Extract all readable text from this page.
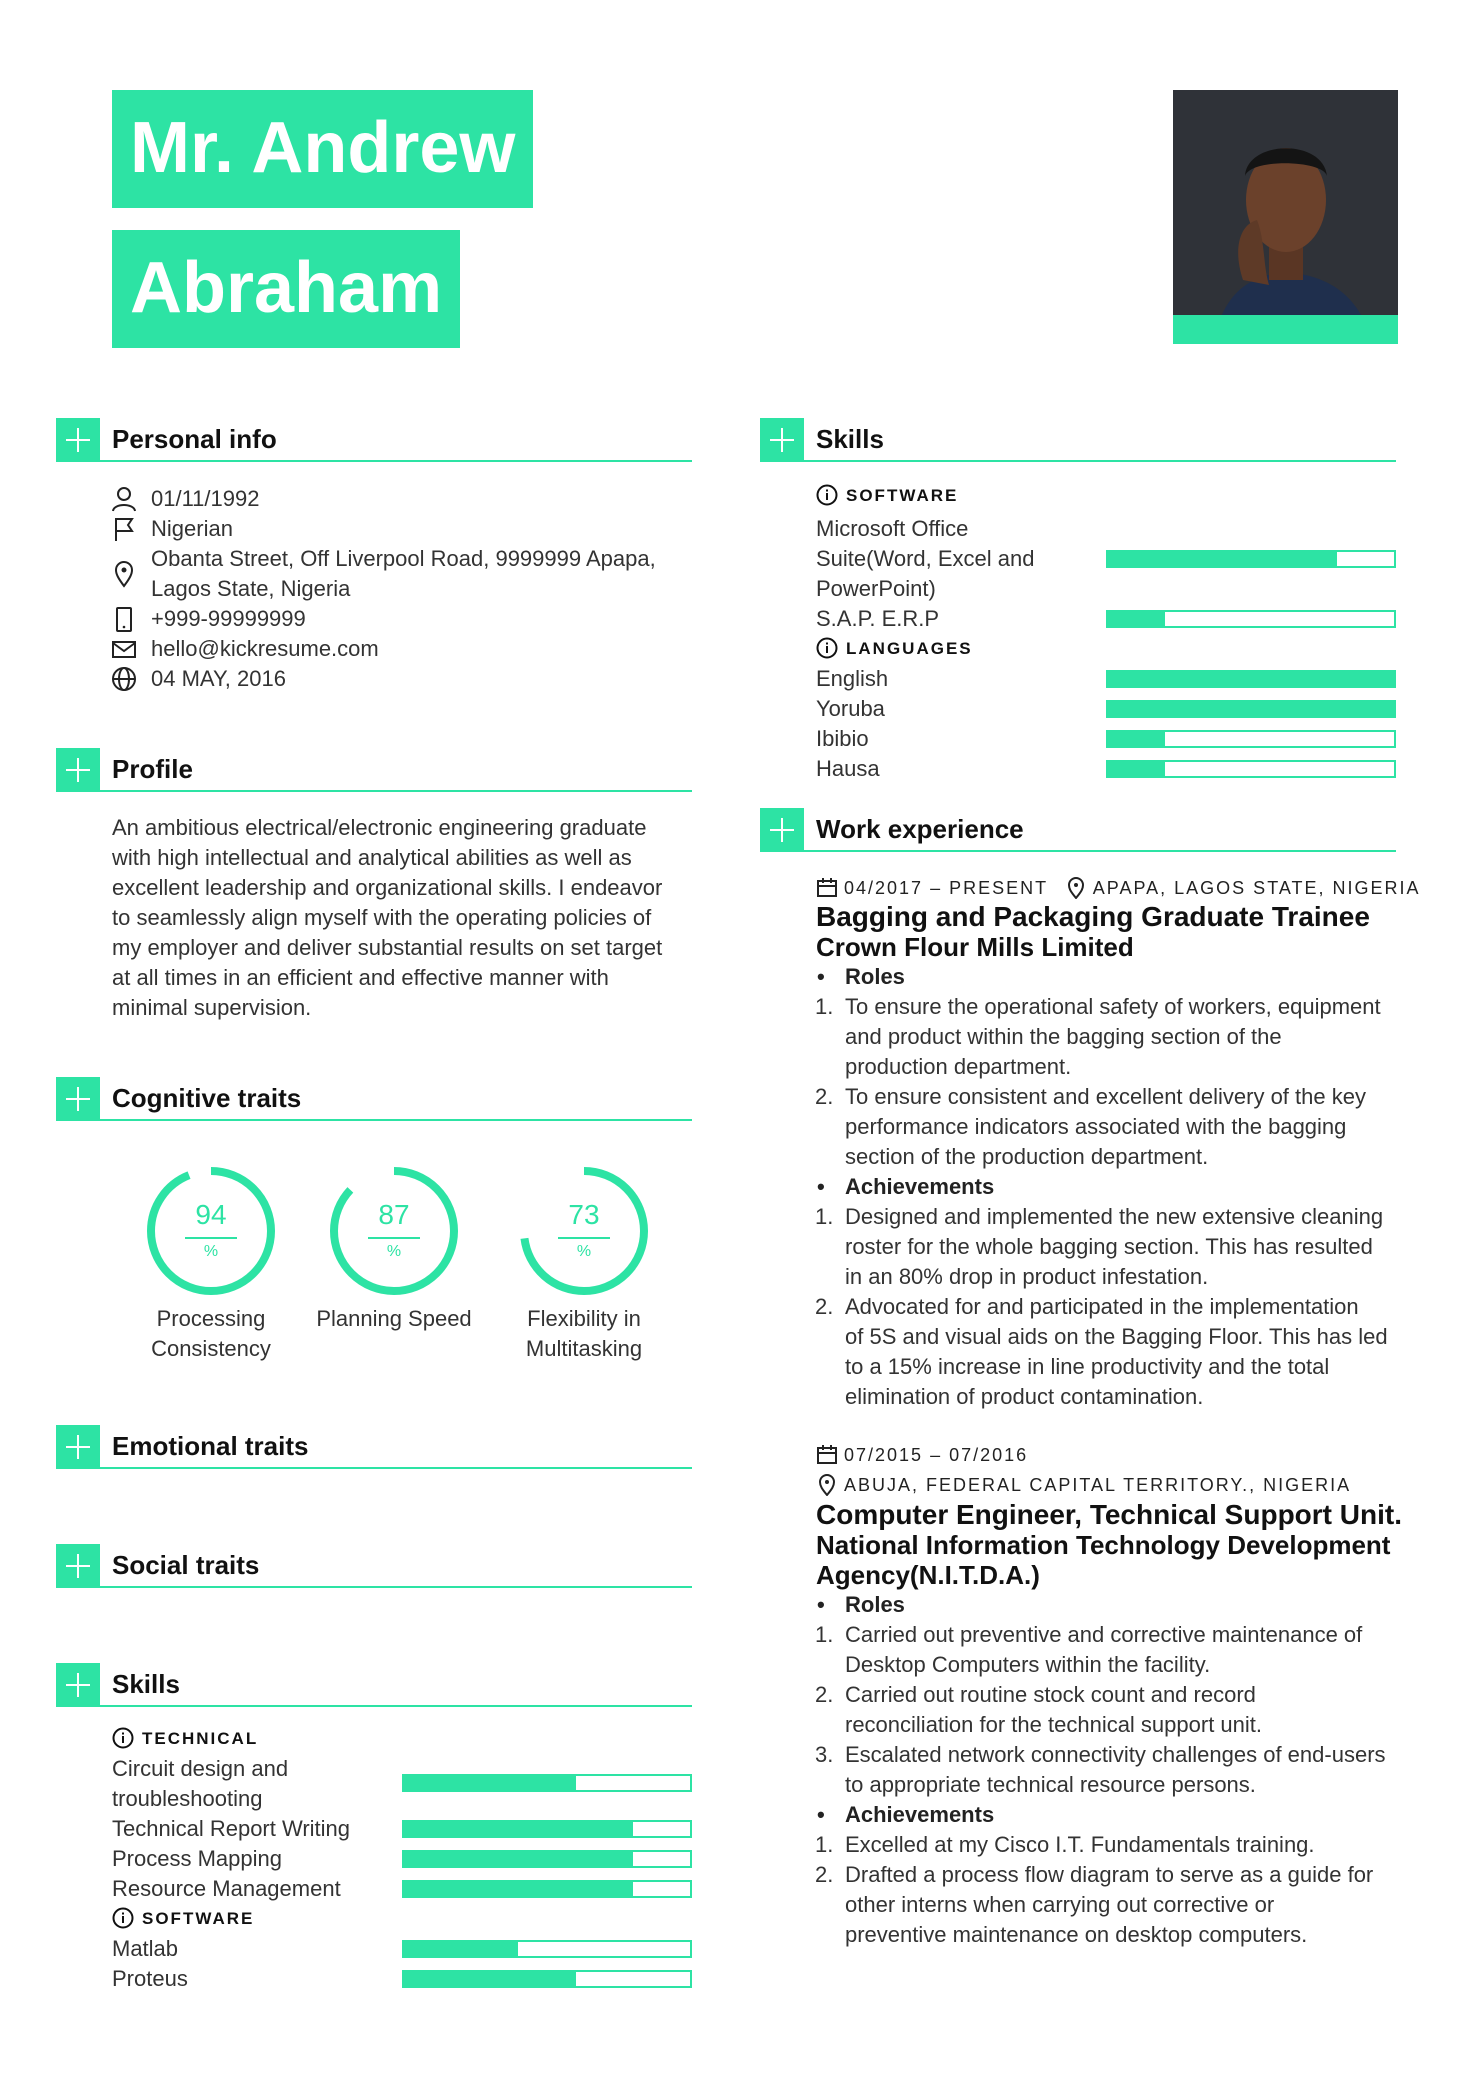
Mr. Andrew
Abraham
Personal info
01/11/1992
Nigerian
Obanta Street, Off Liverpool Road, 9999999 Apapa,
Lagos State, Nigeria
+999-99999999
hello@kickresume.com
04 MAY, 2016
Profile
An ambitious electrical/electronic engineering graduate
with high intellectual and analytical abilities as well as
excellent leadership and organizational skills. I endeavor
to seamlessly align myself with the operating policies of
my employer and deliver substantial results on set target
at all times in an efficient and effective manner with
minimal supervision.
Cognitive traits
94
%
Processing
Consistency
87
%
Planning Speed
73
%
Flexibility in
Multitasking
Emotional traits
Social traits
Skills
TECHNICAL
Circuit design and
troubleshooting
Technical Report Writing
Process Mapping
Resource Management
SOFTWARE
Matlab
Proteus
Skills
SOFTWARE
Microsoft Office
Suite(Word, Excel and
PowerPoint)
S.A.P. E.R.P
LANGUAGES
English
Yoruba
Ibibio
Hausa
Work experience
04/2017 – PRESENT	APAPA, LAGOS STATE, NIGERIA
Bagging and Packaging Graduate Trainee
Crown Flour Mills Limited
• Roles
1. To ensure the operational safety of workers, equipment
and product within the bagging section of the
production department.
2. To ensure consistent and excellent delivery of the key
performance indicators associated with the bagging
section of the production department.
• Achievements
1. Designed and implemented the new extensive cleaning
roster for the whole bagging section. This has resulted
in an 80% drop in product infestation.
2. Advocated for and participated in the implementation
of 5S and visual aids on the Bagging Floor. This has led
to a 15% increase in line productivity and the total
elimination of product contamination.
07/2015 – 07/2016
ABUJA, FEDERAL CAPITAL TERRITORY., NIGERIA
Computer Engineer, Technical Support Unit.
National Information Technology Development
Agency(N.I.T.D.A.)
• Roles
1. Carried out preventive and corrective maintenance of
Desktop Computers within the facility.
2. Carried out routine stock count and record
reconciliation for the technical support unit.
3. Escalated network connectivity challenges of end-users
to appropriate technical resource persons.
• Achievements
1. Excelled at my Cisco I.T. Fundamentals training.
2. Drafted a process flow diagram to serve as a guide for
other interns when carrying out corrective or
preventive maintenance on desktop computers.
